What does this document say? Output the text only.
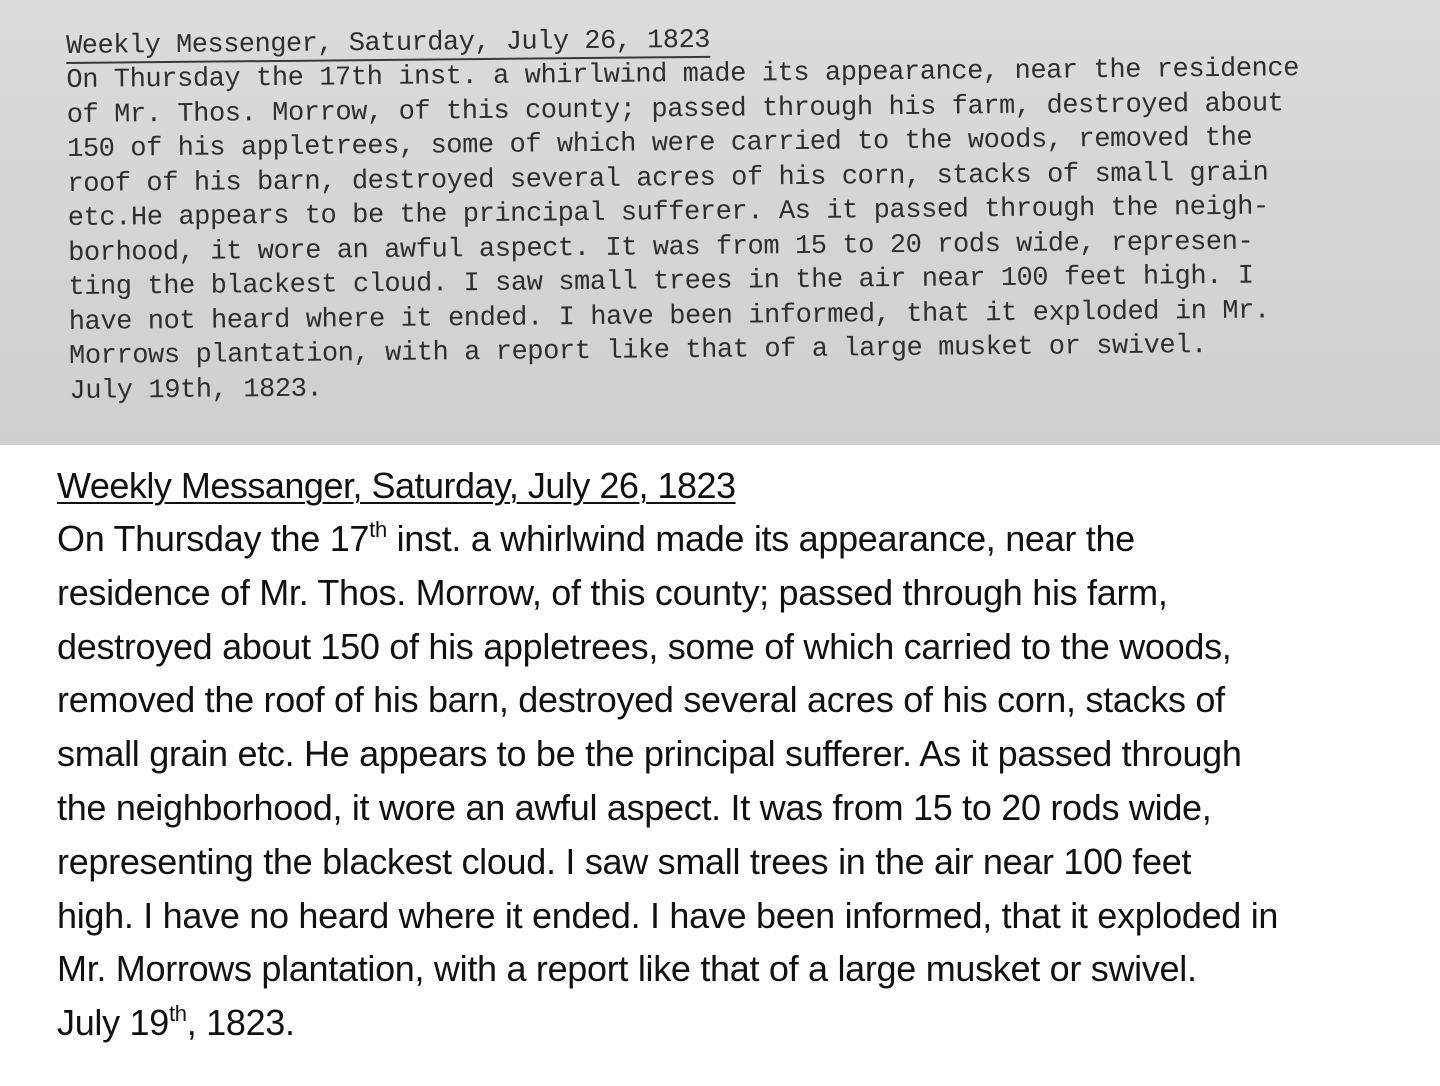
Weekly Messenger, Saturday, July 26, 1823
On Thursday the 17th inst. a whirlwind made its appearance, near the residence
of Mr. Thos. Morrow, of this county; passed through his farm, destroyed about
150 of his appletrees, some of which were carried to the woods, removed the
roof of his barn, destroyed several acres of his corn, stacks of small grain
etc.He appears to be the principal sufferer. As it passed through the neigh-
borhood, it wore an awful aspect. It was from 15 to 20 rods wide, represen-
ting the blackest cloud. I saw small trees in the air near 100 feet high. I
have not heard where it ended. I have been informed, that it exploded in Mr.
Morrows plantation, with a report like that of a large musket or swivel.
July 19th, 1823.
Weekly Messanger, Saturday, July 26, 1823
On Thursday the 17th inst. a whirlwind made its appearance, near the
residence of Mr. Thos. Morrow, of this county; passed through his farm,
destroyed about 150 of his appletrees, some of which carried to the woods,
removed the roof of his barn, destroyed several acres of his corn, stacks of
small grain etc. He appears to be the principal sufferer. As it passed through
the neighborhood, it wore an awful aspect. It was from 15 to 20 rods wide,
representing the blackest cloud. I saw small trees in the air near 100 feet
high. I have no heard where it ended. I have been informed, that it exploded in
Mr. Morrows plantation, with a report like that of a large musket or swivel.
July 19th, 1823.
